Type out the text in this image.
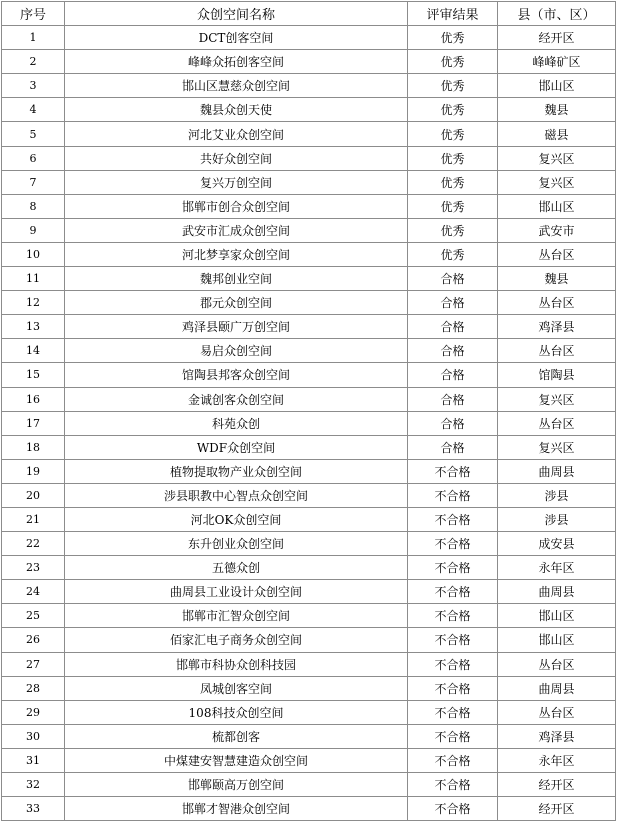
序号	众创空间名称	评审结果	县（市、区）
1	DCT创客空间	优秀	经开区
2	峰峰众拓创客空间	优秀	峰峰矿区
3	邯山区慧慈众创空间	优秀	邯山区
4	魏县众创天使	优秀	魏县
5	河北艾业众创空间	优秀	磁县
6	共好众创空间	优秀	复兴区
7	复兴万创空间	优秀	复兴区
8	邯郸市创合众创空间	优秀	邯山区
9	武安市汇成众创空间	优秀	武安市
10	河北梦享家众创空间	优秀	丛台区
11	魏邦创业空间	合格	魏县
12	郡元众创空间	合格	丛台区
13	鸡泽县颐广万创空间	合格	鸡泽县
14	易启众创空间	合格	丛台区
15	馆陶县邦客众创空间	合格	馆陶县
16	金诚创客众创空间	合格	复兴区
17	科苑众创	合格	丛台区
18	WDF众创空间	合格	复兴区
19	植物提取物产业众创空间	不合格	曲周县
20	涉县职教中心智点众创空间	不合格	涉县
21	河北OK众创空间	不合格	涉县
22	东升创业众创空间	不合格	成安县
23	五德众创	不合格	永年区
24	曲周县工业设计众创空间	不合格	曲周县
25	邯郸市汇智众创空间	不合格	邯山区
26	佰家汇电子商务众创空间	不合格	邯山区
27	邯郸市科协众创科技园	不合格	丛台区
28	凤城创客空间	不合格	曲周县
29	108科技众创空间	不合格	丛台区
30	梳都创客	不合格	鸡泽县
31	中煤建安智慧建造众创空间	不合格	永年区
32	邯郸颐高万创空间	不合格	经开区
33	邯郸才智港众创空间	不合格	经开区
